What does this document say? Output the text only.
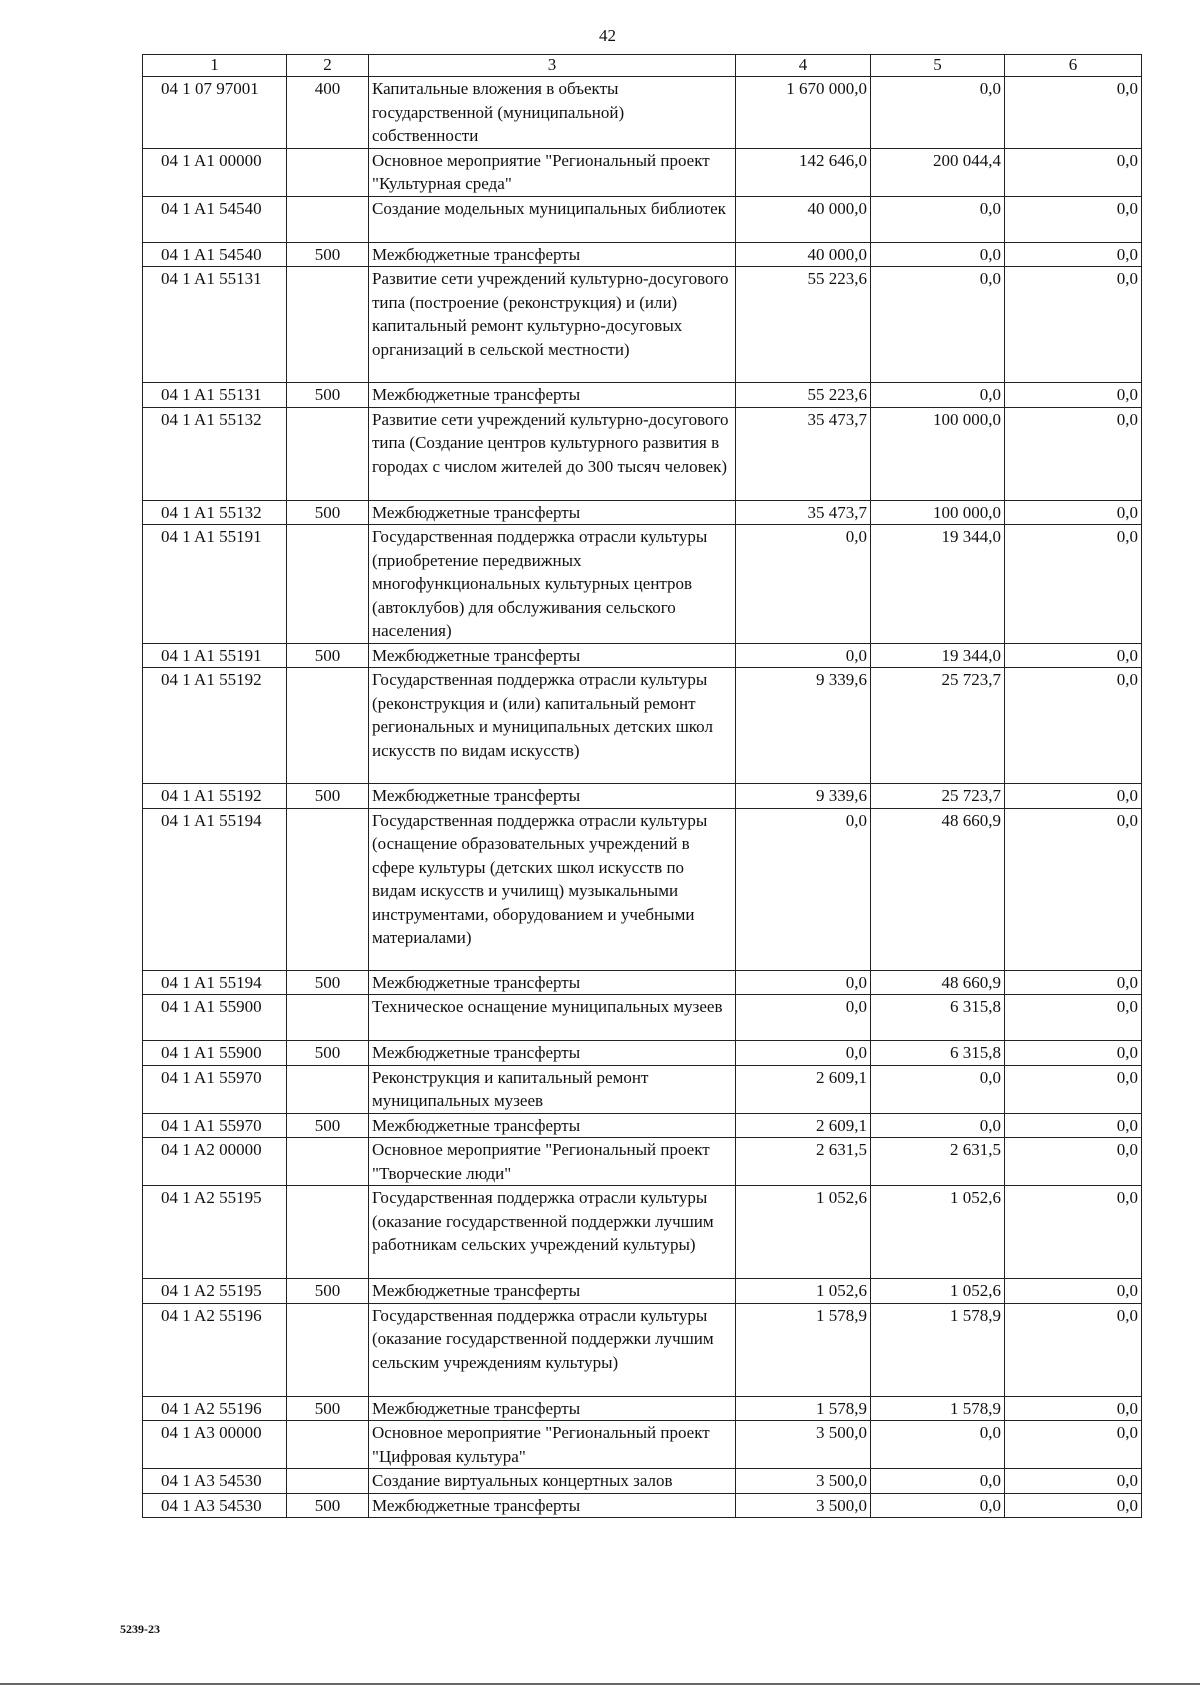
42
1	2	3	4	5	6
04 1 07 97001	400	Капитальные вложения в объекты государственной (муниципальной) собственности	1 670 000,0	0,0	0,0
04 1 A1 00000		Основное мероприятие "Региональный проект "Культурная среда"	142 646,0	200 044,4	0,0
04 1 A1 54540		Создание модельных муниципальных библиотек	40 000,0	0,0	0,0
04 1 A1 54540	500	Межбюджетные трансферты	40 000,0	0,0	0,0
04 1 A1 55131		Развитие сети учреждений культурно-досугового типа (построение (реконструкция) и (или) капитальный ремонт культурно-досуговых организаций в сельской местности)	55 223,6	0,0	0,0
04 1 A1 55131	500	Межбюджетные трансферты	55 223,6	0,0	0,0
04 1 A1 55132		Развитие сети учреждений культурно-досугового типа (Создание центров культурного развития в городах с числом жителей до 300 тысяч человек)	35 473,7	100 000,0	0,0
04 1 A1 55132	500	Межбюджетные трансферты	35 473,7	100 000,0	0,0
04 1 A1 55191		Государственная поддержка отрасли культуры (приобретение передвижных многофункциональных культурных центров (автоклубов) для обслуживания сельского населения)	0,0	19 344,0	0,0
04 1 A1 55191	500	Межбюджетные трансферты	0,0	19 344,0	0,0
04 1 A1 55192		Государственная поддержка отрасли культуры (реконструкция и (или) капитальный ремонт региональных и муниципальных детских школ искусств по видам искусств)	9 339,6	25 723,7	0,0
04 1 A1 55192	500	Межбюджетные трансферты	9 339,6	25 723,7	0,0
04 1 A1 55194		Государственная поддержка отрасли культуры (оснащение образовательных учреждений в сфере культуры (детских школ искусств по видам искусств и училищ) музыкальными инструментами, оборудованием и учебными материалами)	0,0	48 660,9	0,0
04 1 A1 55194	500	Межбюджетные трансферты	0,0	48 660,9	0,0
04 1 A1 55900		Техническое оснащение муниципальных музеев	0,0	6 315,8	0,0
04 1 A1 55900	500	Межбюджетные трансферты	0,0	6 315,8	0,0
04 1 A1 55970		Реконструкция и капитальный ремонт муниципальных музеев	2 609,1	0,0	0,0
04 1 A1 55970	500	Межбюджетные трансферты	2 609,1	0,0	0,0
04 1 A2 00000		Основное мероприятие "Региональный проект "Творческие люди"	2 631,5	2 631,5	0,0
04 1 A2 55195		Государственная поддержка отрасли культуры (оказание государственной поддержки лучшим работникам сельских учреждений культуры)	1 052,6	1 052,6	0,0
04 1 A2 55195	500	Межбюджетные трансферты	1 052,6	1 052,6	0,0
04 1 A2 55196		Государственная поддержка отрасли культуры (оказание государственной поддержки лучшим сельским учреждениям культуры)	1 578,9	1 578,9	0,0
04 1 A2 55196	500	Межбюджетные трансферты	1 578,9	1 578,9	0,0
04 1 A3 00000		Основное мероприятие "Региональный проект "Цифровая культура"	3 500,0	0,0	0,0
04 1 A3 54530		Создание виртуальных концертных залов	3 500,0	0,0	0,0
04 1 A3 54530	500	Межбюджетные трансферты	3 500,0	0,0	0,0
5239-23
